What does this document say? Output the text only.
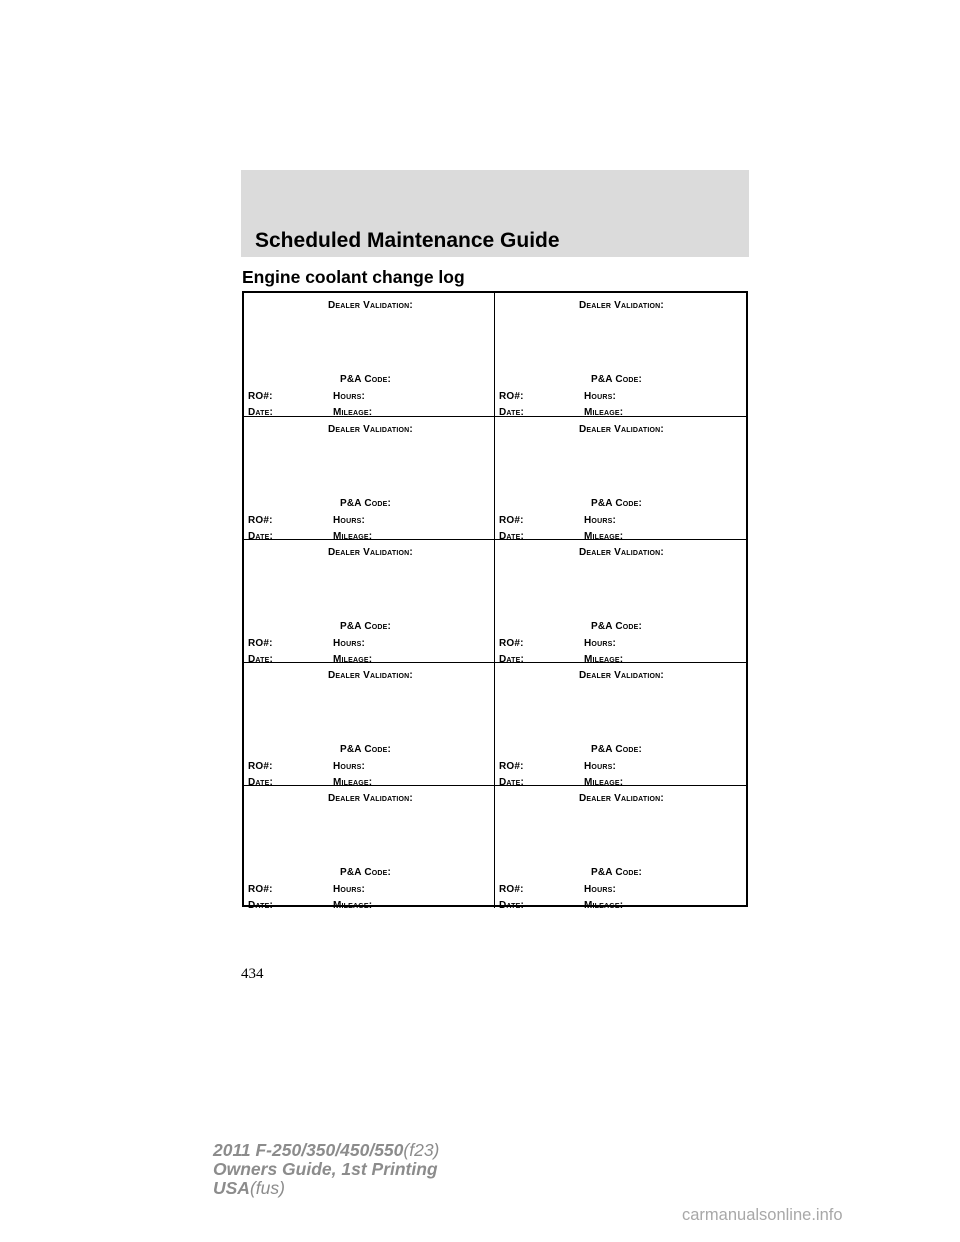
Scheduled Maintenance Guide
Engine coolant change log
Dealer Validation:
P&A Code:
RO#:	Hours:
Date:	Mileage:
Dealer Validation:
P&A Code:
RO#:	Hours:
Date:	Mileage:
Dealer Validation:
P&A Code:
RO#:	Hours:
Date:	Mileage:
Dealer Validation:
P&A Code:
RO#:	Hours:
Date:	Mileage:
Dealer Validation:
P&A Code:
RO#:	Hours:
Date:	Mileage:
Dealer Validation:
P&A Code:
RO#:	Hours:
Date:	Mileage:
Dealer Validation:
P&A Code:
RO#:	Hours:
Date:	Mileage:
Dealer Validation:
P&A Code:
RO#:	Hours:
Date:	Mileage:
Dealer Validation:
P&A Code:
RO#:	Hours:
Date:	Mileage:
Dealer Validation:
P&A Code:
RO#:	Hours:
Date:	Mileage:
434
2011 F-250/350/450/550(f23)
Owners Guide, 1st Printing
USA(fus)
carmanualsonline.info
